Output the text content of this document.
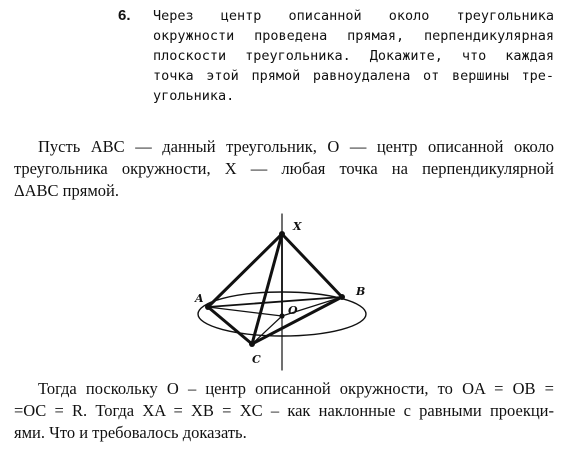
6. Через центр описанной около треугольника
окружности проведена прямая, перпендикулярная
плоскости треугольника. Докажите, что каждая
точка этой прямой равноудалена от вершины тре-
угольника.
Пусть ABC — данный треугольник, O — центр описанной около
треугольника окружности, X — любая точка на перпендикулярной
ΔABC прямой.
X
A
B
C
O
Тогда поскольку O – центр описанной окружности, то OA = OB =
=OC = R. Тогда XA = XB = XC – как наклонные с равными проекци-
ями. Что и требовалось доказать.
